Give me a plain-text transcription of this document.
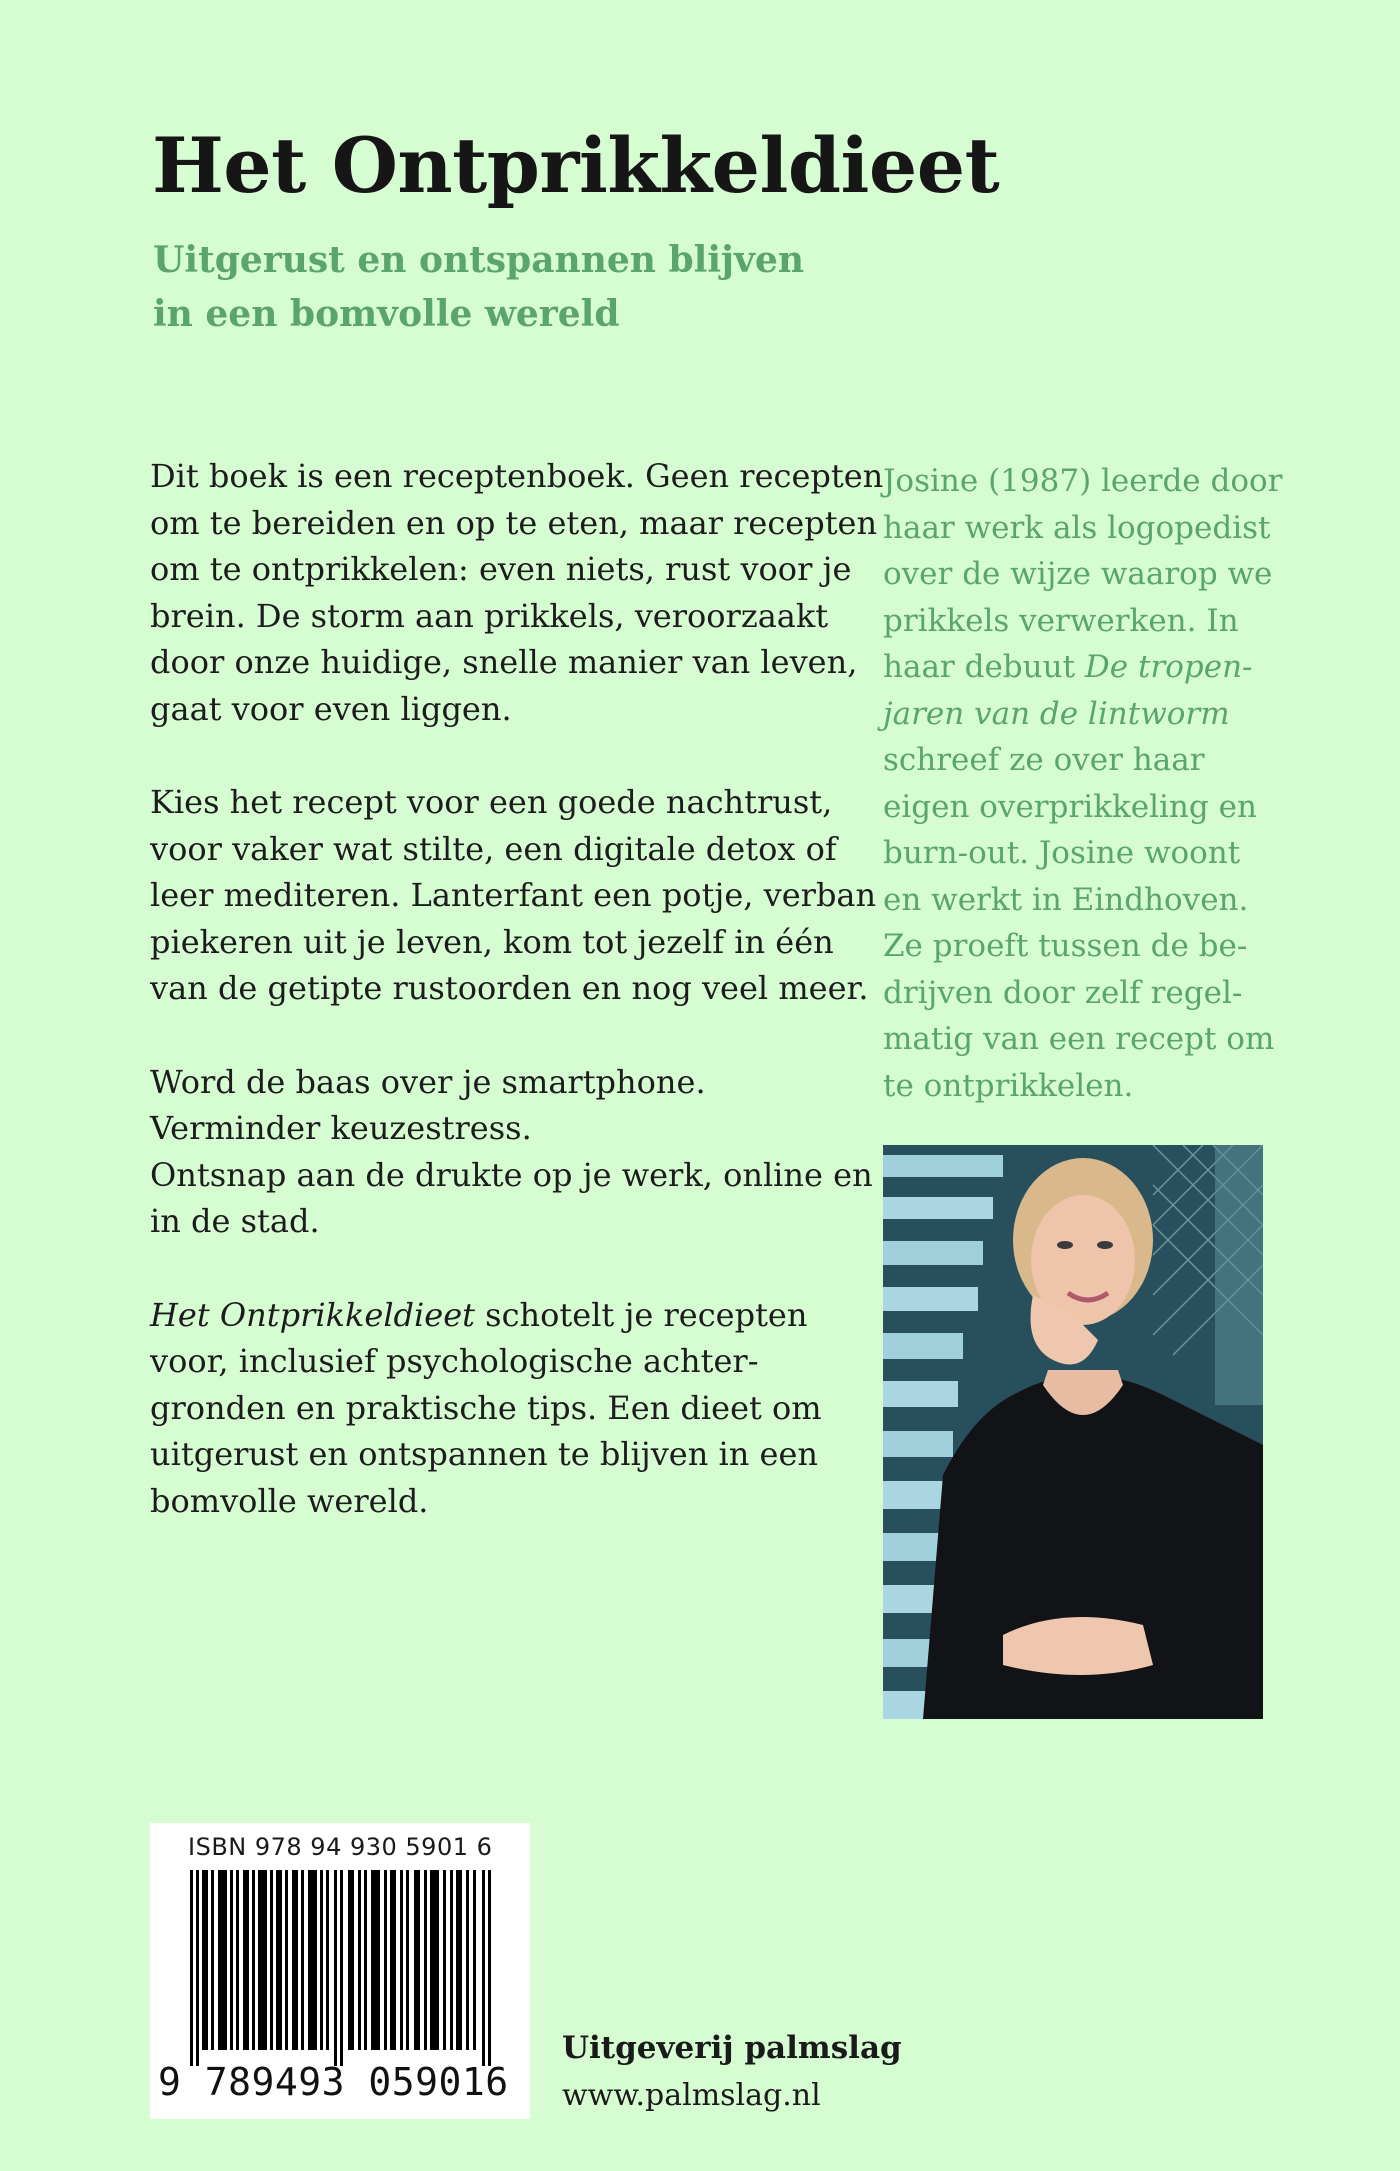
Het Ontprikkeldieet
Uitgerust en ontspannen blijven
in een bomvolle wereld

Dit boek is een receptenboek. Geen recepten
om te bereiden en op te eten, maar recepten
om te ontprikkelen: even niets, rust voor je
brein. De storm aan prikkels, veroorzaakt
door onze huidige, snelle manier van leven,
gaat voor even liggen.

Kies het recept voor een goede nachtrust,
voor vaker wat stilte, een digitale detox of
leer mediteren. Lanterfant een potje, verban
piekeren uit je leven, kom tot jezelf in één
van de getipte rustoorden en nog veel meer.

Word de baas over je smartphone.
Verminder keuzestress.
Ontsnap aan de drukte op je werk, online en
in de stad.

Het Ontprikkeldieet schotelt je recepten
voor, inclusief psychologische achter-
gronden en praktische tips. Een dieet om
uitgerust en ontspannen te blijven in een
bomvolle wereld.

Josine (1987) leerde door
haar werk als logopedist
over de wijze waarop we
prikkels verwerken. In
haar debuut De tropen-
jaren van de lintworm
schreef ze over haar
eigen overprikkeling en
burn-out. Josine woont
en werkt in Eindhoven.
Ze proeft tussen de be-
drijven door zelf regel-
matig van een recept om
te ontprikkelen.
ISBN 978 94 930 5901 6
9 789493 059016
Uitgeverij palmslag
www.palmslag.nl
